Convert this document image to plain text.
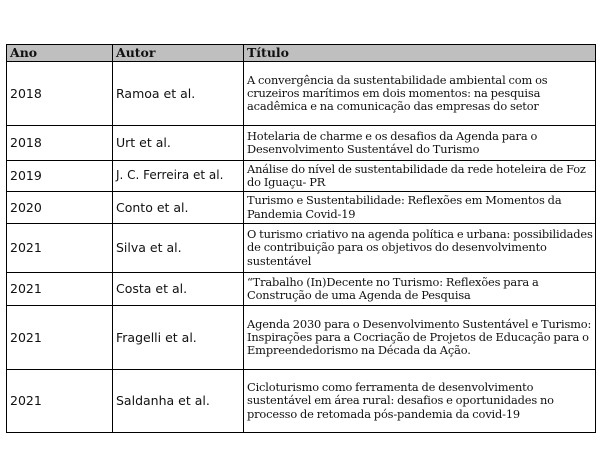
Ano	Autor	Título
2018	Ramoa et al.	A convergência da sustentabilidade ambiental com os cruzeiros marítimos em dois momentos: na pesquisa acadêmica e na comunicação das empresas do setor
2018	Urt et al.	Hotelaria de charme e os desafios da Agenda para o Desenvolvimento Sustentável do Turismo
2019	J. C. Ferreira et al.	Análise do nível de sustentabilidade da rede hoteleira de Foz do Iguaçu- PR
2020	Conto et al.	Turismo e Sustentabilidade: Reflexões em Momentos da Pandemia Covid-19
2021	Silva et al.	O turismo criativo na agenda política e urbana: possibilidades de contribuição para os objetivos do desenvolvimento sustentável
2021	Costa et al.	“Trabalho (In)Decente no Turismo: Reflexões para a Construção de uma Agenda de Pesquisa
2021	Fragelli et al.	Agenda 2030 para o Desenvolvimento Sustentável e Turismo: Inspirações para a Cocriação de Projetos de Educação para o Empreendedorismo na Década da Ação.
2021	Saldanha et al.	Cicloturismo como ferramenta de desenvolvimento sustentável em área rural: desafios e oportunidades no processo de retomada pós-pandemia da covid-19
